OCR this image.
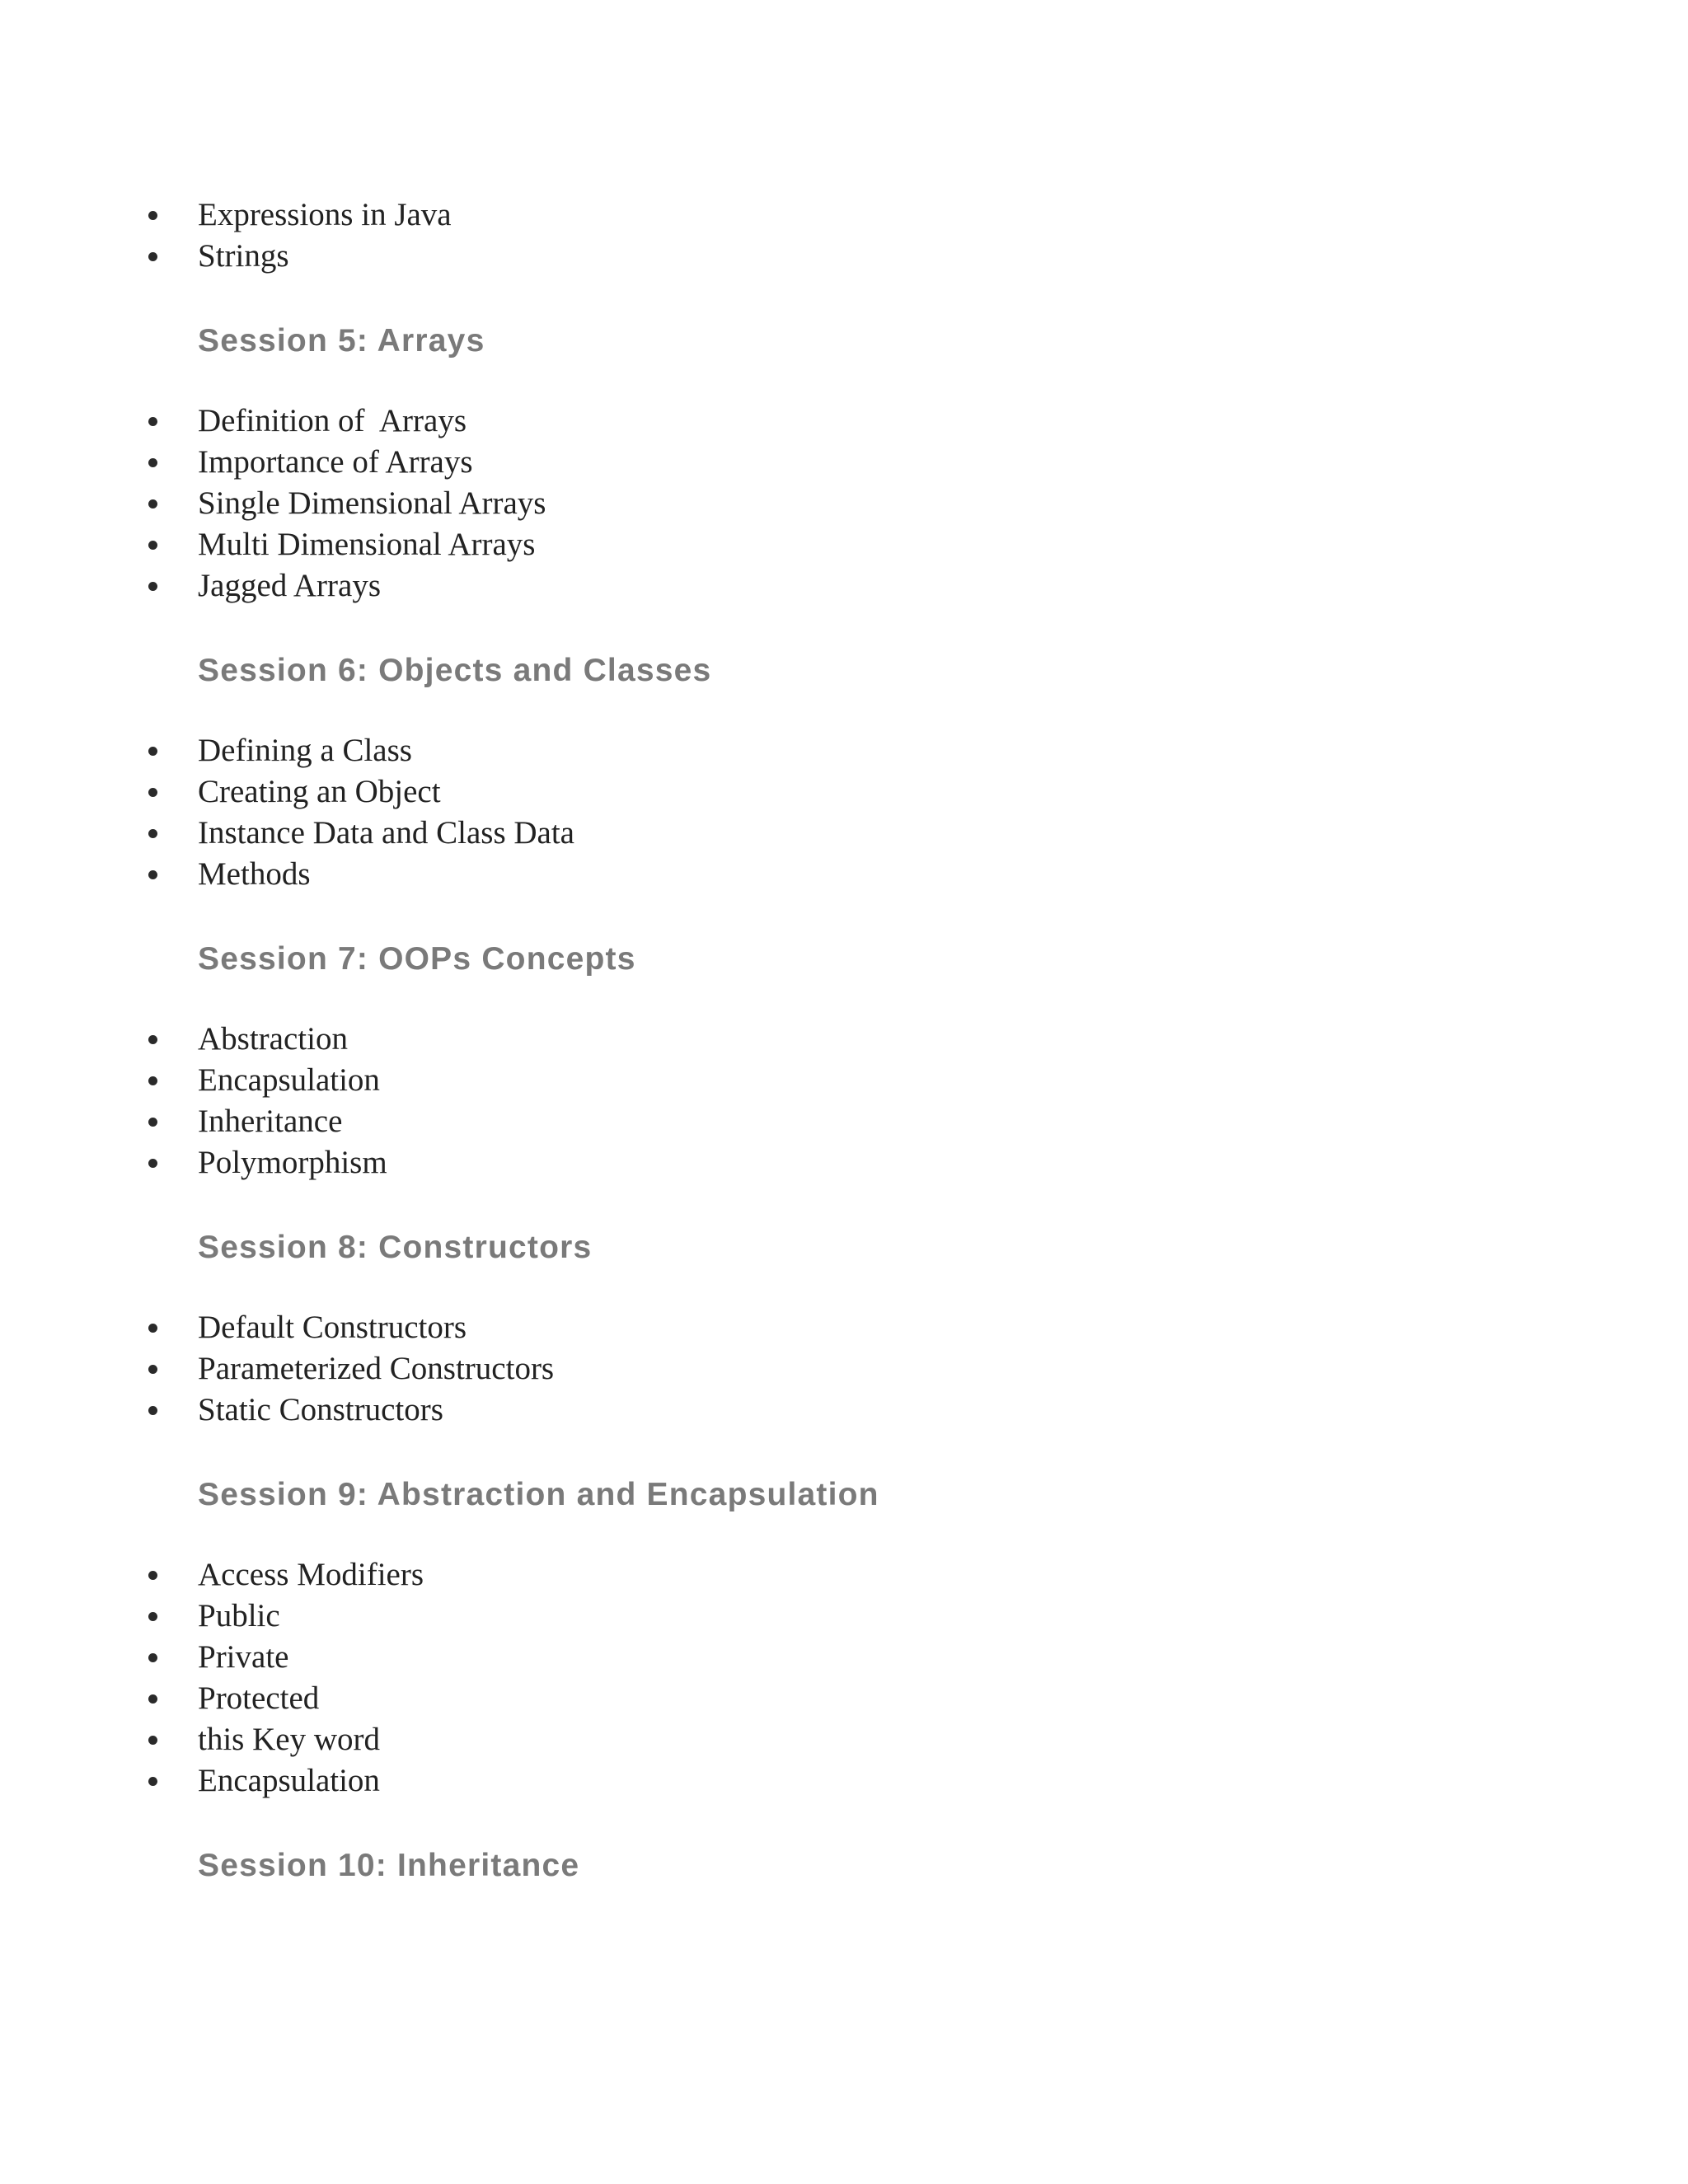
Expressions in Java
Strings
Session 5: Arrays
Definition of  Arrays
Importance of Arrays
Single Dimensional Arrays
Multi Dimensional Arrays
Jagged Arrays
Session 6: Objects and Classes
Defining a Class
Creating an Object
Instance Data and Class Data
Methods
Session 7: OOPs Concepts
Abstraction
Encapsulation
Inheritance
Polymorphism
Session 8: Constructors
Default Constructors
Parameterized Constructors
Static Constructors
Session 9: Abstraction and Encapsulation
Access Modifiers
Public
Private
Protected
this Key word
Encapsulation
Session 10: Inheritance
